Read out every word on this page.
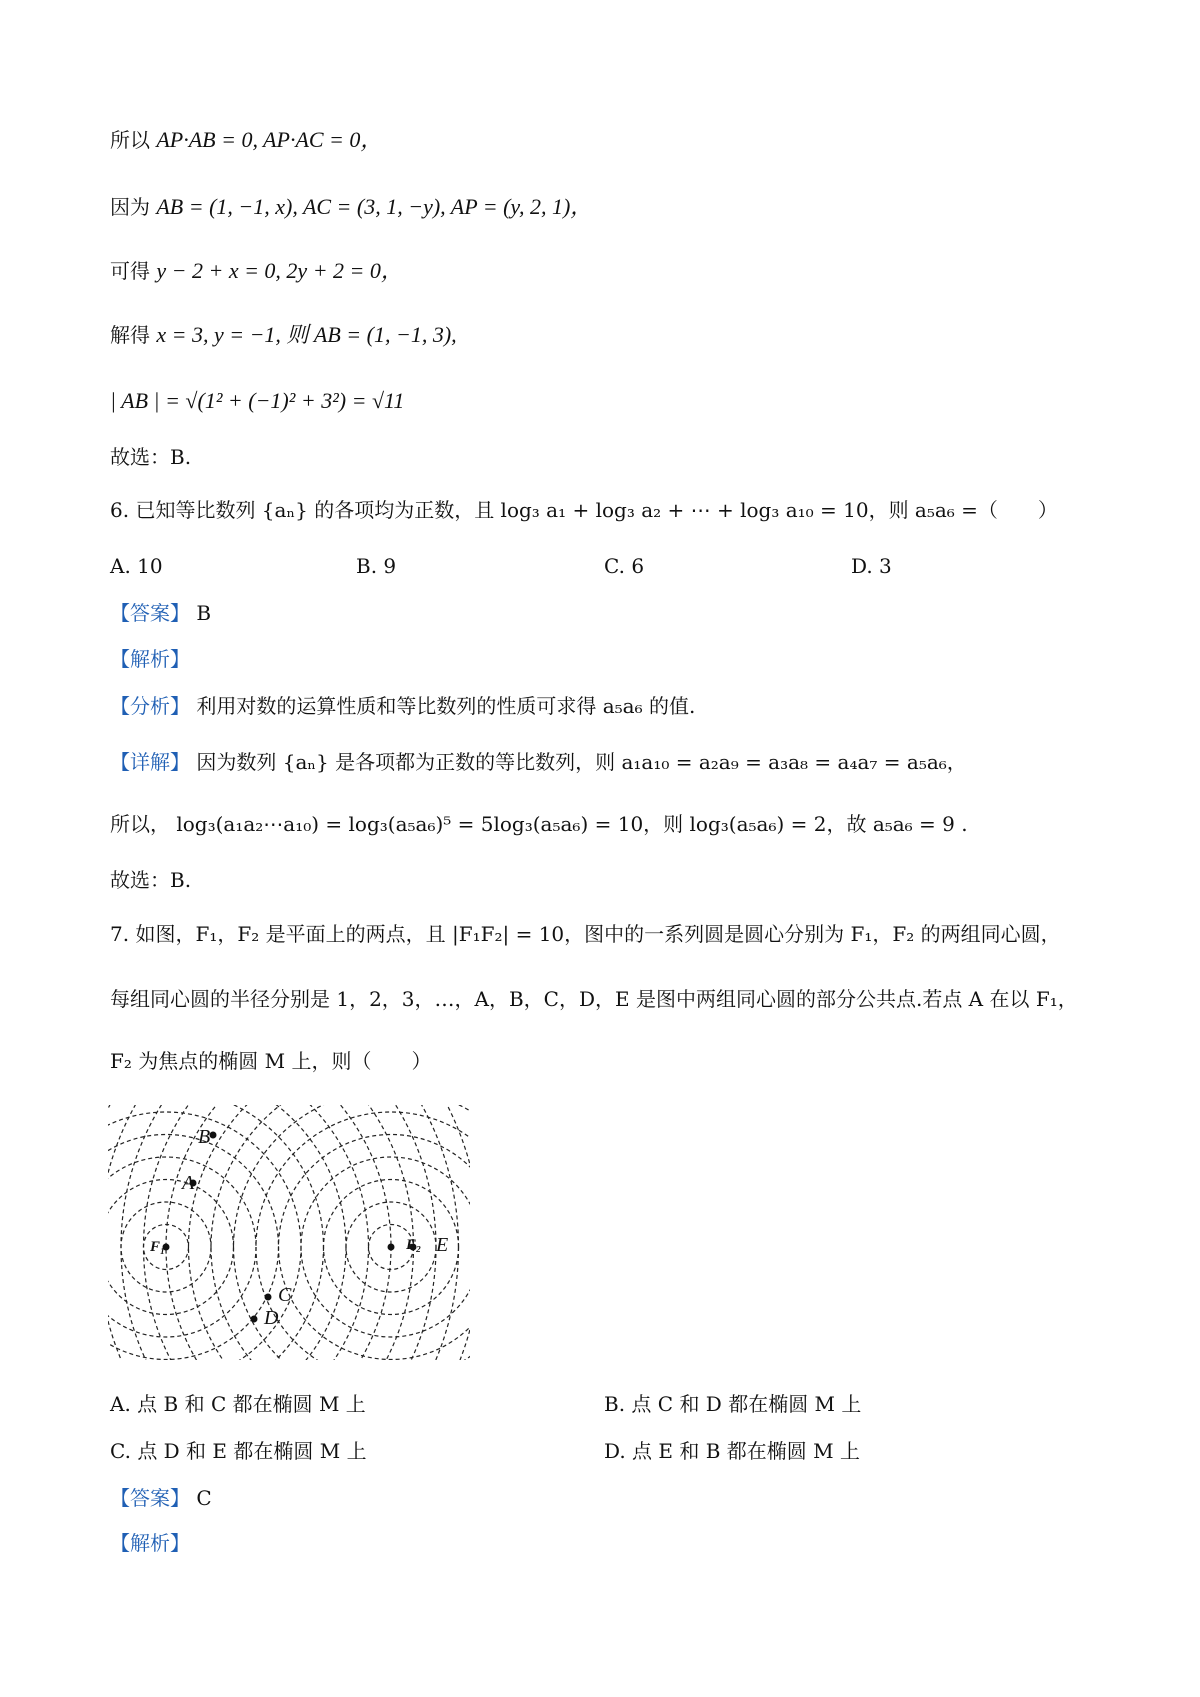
所以 AP·AB = 0, AP·AC = 0，
因为 AB = (1, −1, x), AC = (3, 1, −y), AP = (y, 2, 1)，
可得 y − 2 + x = 0, 2y + 2 = 0，
解得 x = 3, y = −1, 则 AB = (1, −1, 3),
| AB | = √(1² + (−1)² + 3²) = √11
故选：B.
6. 已知等比数列 {aₙ} 的各项均为正数，且 log₃ a₁ + log₃ a₂ + ⋯ + log₃ a₁₀ = 10，则 a₅a₆ =（　　）
A. 10	B. 9	C. 6	D. 3
【答案】 B
【解析】
【分析】 利用对数的运算性质和等比数列的性质可求得 a₅a₆ 的值.
【详解】 因为数列 {aₙ} 是各项都为正数的等比数列，则 a₁a₁₀ = a₂a₉ = a₃a₈ = a₄a₇ = a₅a₆，
所以， log₃(a₁a₂⋯a₁₀) = log₃(a₅a₆)⁵ = 5log₃(a₅a₆) = 10，则 log₃(a₅a₆) = 2，故 a₅a₆ = 9 .
故选：B.
7. 如图，F₁，F₂ 是平面上的两点，且 |F₁F₂| = 10，图中的一系列圆是圆心分别为 F₁，F₂ 的两组同心圆，
每组同心圆的半径分别是 1，2，3，…，A，B，C，D，E 是图中两组同心圆的部分公共点.若点 A 在以 F₁，
F₂ 为焦点的椭圆 M 上，则（　　）
B
A
F₁	F₂ E
C
D
A. 点 B 和 C 都在椭圆 M 上	B. 点 C 和 D 都在椭圆 M 上
C. 点 D 和 E 都在椭圆 M 上	D. 点 E 和 B 都在椭圆 M 上
【答案】 C
【解析】
